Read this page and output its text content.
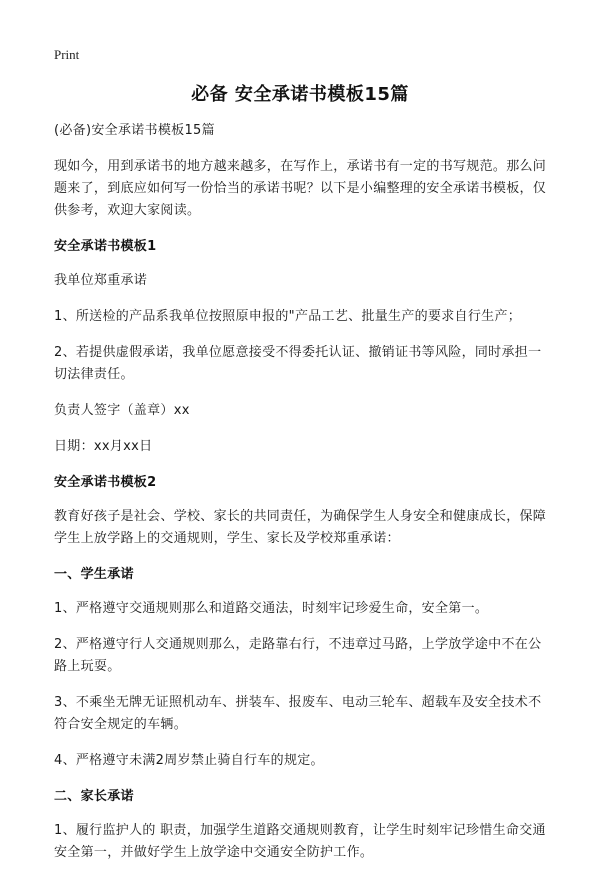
Print
必备 安全承诺书模板15篇

(必备)安全承诺书模板15篇

现如今，用到承诺书的地方越来越多，在写作上，承诺书有一定的书写规范。那么问题来了，到底应如何写一份恰当的承诺书呢？以下是小编整理的安全承诺书模板，仅供参考，欢迎大家阅读。

安全承诺书模板1

我单位郑重承诺

1、所送检的产品系我单位按照原申报的"产品工艺、批量生产的要求自行生产；

2、若提供虚假承诺，我单位愿意接受不得委托认证、撤销证书等风险，同时承担一切法律责任。

负责人签字（盖章）xx

日期：xx月xx日

安全承诺书模板2

教育好孩子是社会、学校、家长的共同责任，为确保学生人身安全和健康成长，保障学生上放学路上的交通规则，学生、家长及学校郑重承诺：

一、学生承诺

1、严格遵守交通规则那么和道路交通法，时刻牢记珍爱生命，安全第一。

2、严格遵守行人交通规则那么，走路靠右行，不违章过马路，上学放学途中不在公路上玩耍。

3、不乘坐无牌无证照机动车、拼装车、报废车、电动三轮车、超载车及安全技术不符合安全规定的车辆。

4、严格遵守未满2周岁禁止骑自行车的规定。

二、家长承诺

1、履行监护人的 职责，加强学生道路交通规则教育，让学生时刻牢记珍惜生命交通安全第一，并做好学生上放学途中交通安全防护工作。
